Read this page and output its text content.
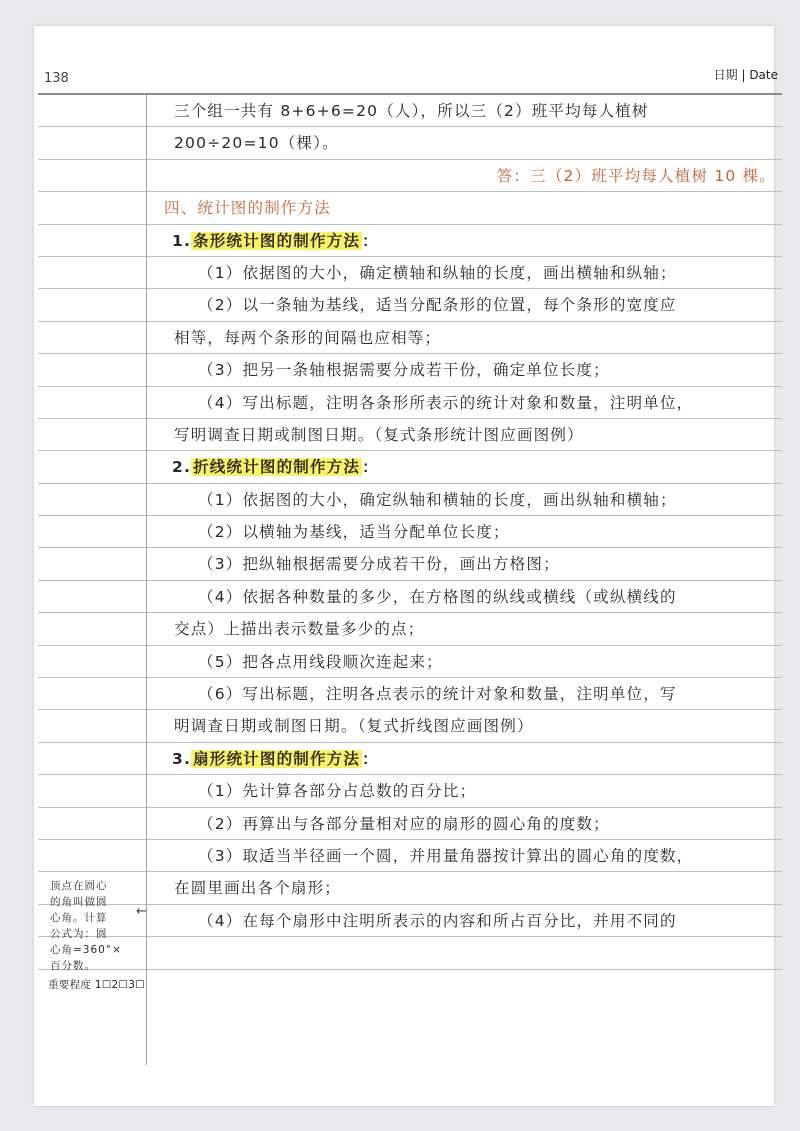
138	日期 | Date
三个组一共有 8+6+6=20（人），所以三（2）班平均每人植树
200÷20=10（棵）。
答：三（2）班平均每人植树 10 棵。
四、统计图的制作方法
1. 条形统计图的制作方法 ：
（1）依据图的大小，确定横轴和纵轴的长度，画出横轴和纵轴；
（2）以一条轴为基线，适当分配条形的位置，每个条形的宽度应
相等，每两个条形的间隔也应相等；
（3）把另一条轴根据需要分成若干份，确定单位长度；
（4）写出标题，注明各条形所表示的统计对象和数量，注明单位，
写明调查日期或制图日期。（复式条形统计图应画图例）
2. 折线统计图的制作方法 ：
（1）依据图的大小，确定纵轴和横轴的长度，画出纵轴和横轴；
（2）以横轴为基线，适当分配单位长度；
（3）把纵轴根据需要分成若干份，画出方格图；
（4）依据各种数量的多少，在方格图的纵线或横线（或纵横线的
交点）上描出表示数量多少的点；
（5）把各点用线段顺次连起来；
（6）写出标题，注明各点表示的统计对象和数量，注明单位，写
明调查日期或制图日期。（复式折线图应画图例）
3. 扇形统计图的制作方法 ：
（1）先计算各部分占总数的百分比；
（2）再算出与各部分量相对应的扇形的圆心角的度数；
（3）取适当半径画一个圆，并用量角器按计算出的圆心角的度数，
在圆里画出各个扇形；
（4）在每个扇形中注明所表示的内容和所占百分比，并用不同的
顶点在圆心
的角叫做圆
心角。计算
公式为：圆
心角=360°×
百分数。
←
重要程度 1☐2☐3☐
